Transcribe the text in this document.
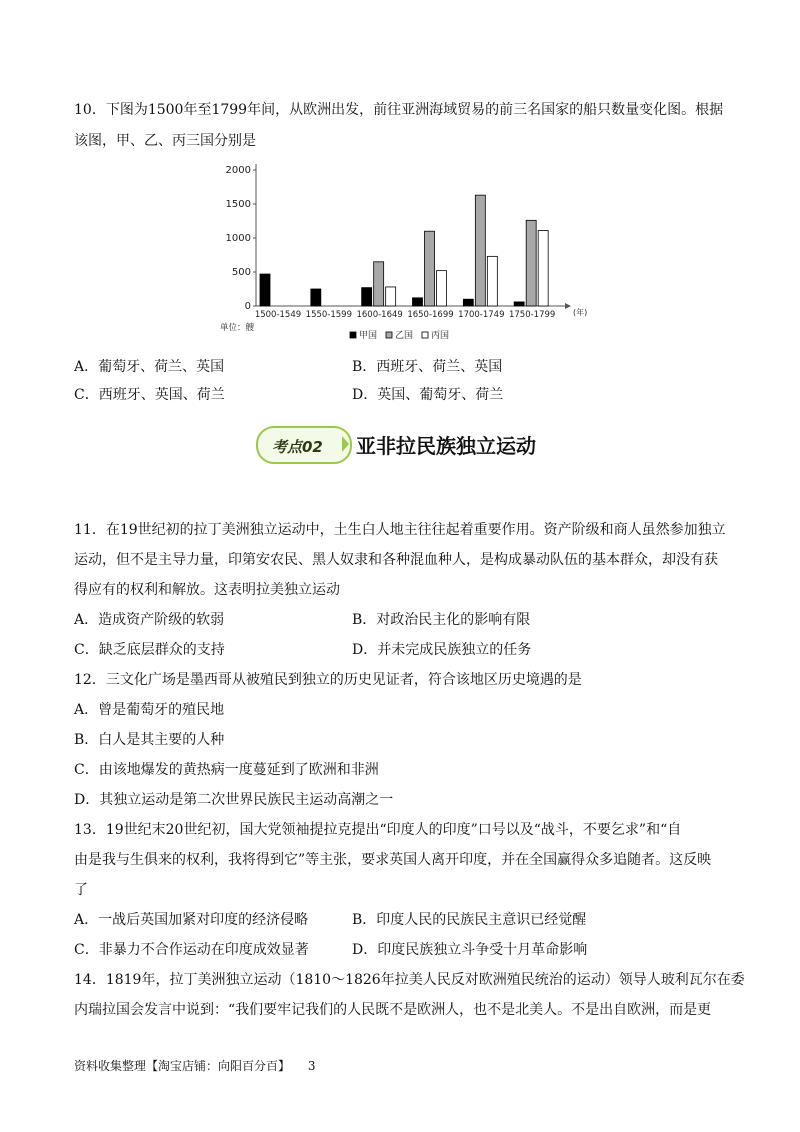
10．下图为1500年至1799年间，从欧洲出发，前往亚洲海域贸易的前三名国家的船只数量变化图。根据
该图，甲、乙、丙三国分别是
0
500
1000
1500
2000
(年)
1500-1549 1550-1599 1600-1649 1650-1699 1700-1749 1750-1799
单位：艘
甲国 乙国 丙国
A．葡萄牙、荷兰、英国	B．西班牙、荷兰、英国
C．西班牙、英国、荷兰	D．英国、葡萄牙、荷兰
考点02 亚非拉民族独立运动
11．在19世纪初的拉丁美洲独立运动中，土生白人地主往往起着重要作用。资产阶级和商人虽然参加独立
运动，但不是主导力量，印第安农民、黑人奴隶和各种混血种人，是构成暴动队伍的基本群众，却没有获
得应有的权利和解放。这表明拉美独立运动
A．造成资产阶级的软弱	B．对政治民主化的影响有限
C．缺乏底层群众的支持	D．并未完成民族独立的任务
12．三文化广场是墨西哥从被殖民到独立的历史见证者，符合该地区历史境遇的是
A．曾是葡萄牙的殖民地
B．白人是其主要的人种
C．由该地爆发的黄热病一度蔓延到了欧洲和非洲
D．其独立运动是第二次世界民族民主运动高潮之一
13．19世纪末20世纪初，国大党领袖提拉克提出“印度人的印度”口号以及“战斗，不要乞求”和“自
由是我与生俱来的权利，我将得到它”等主张，要求英国人离开印度，并在全国赢得众多追随者。这反映
了
A．一战后英国加紧对印度的经济侵略	B．印度人民的民族民主意识已经觉醒
C．非暴力不合作运动在印度成效显著	D．印度民族独立斗争受十月革命影响
14．1819年，拉丁美洲独立运动（1810～1826年拉美人民反对欧洲殖民统治的运动）领导人玻利瓦尔在委
内瑞拉国会发言中说到：“我们要牢记我们的人民既不是欧洲人，也不是北美人。不是出自欧洲，而是更
资料收集整理【淘宝店铺：向阳百分百】 3
